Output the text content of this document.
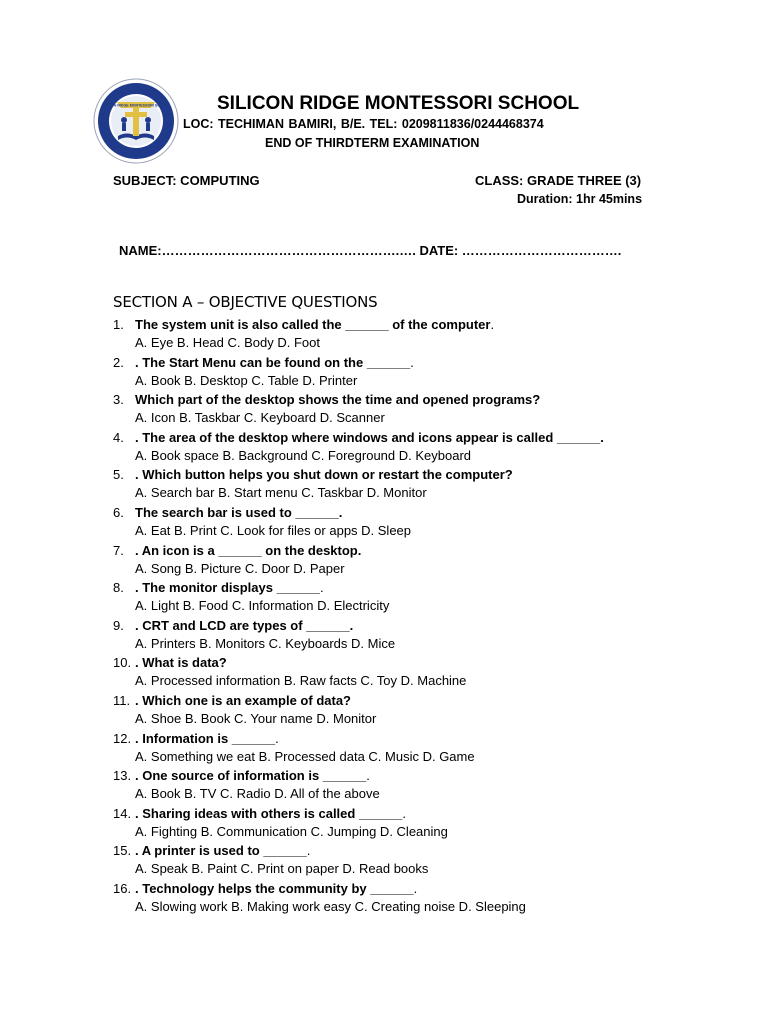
SILICON RIDGE MONTESSORI SCHOOL SILICON RIDGE MONTESSORI SCHOOL
LOC: TECHIMAN BAMIRI, B/E. TEL: 0209811836/0244468374
END OF THIRDTERM EXAMINATION
SUBJECT: COMPUTING	CLASS: GRADE THREE (3)
Duration: 1hr 45mins
NAME:……………………………………………….…. DATE: ……………………………….
SECTION A – OBJECTIVE QUESTIONS
1. The system unit is also called the ______ of the computer.
A. Eye B. Head C. Body D. Foot
2. . The Start Menu can be found on the ______.
A. Book B. Desktop C. Table D. Printer
3. Which part of the desktop shows the time and opened programs?
A. Icon B. Taskbar C. Keyboard D. Scanner
4. . The area of the desktop where windows and icons appear is called ______.
A. Book space B. Background C. Foreground D. Keyboard
5. . Which button helps you shut down or restart the computer?
A. Search bar B. Start menu C. Taskbar D. Monitor
6. The search bar is used to ______.
A. Eat B. Print C. Look for files or apps D. Sleep
7. . An icon is a ______ on the desktop.
A. Song B. Picture C. Door D. Paper
8. . The monitor displays ______.
A. Light B. Food C. Information D. Electricity
9. . CRT and LCD are types of ______.
A. Printers B. Monitors C. Keyboards D. Mice
10. . What is data?
A. Processed information B. Raw facts C. Toy D. Machine
11. . Which one is an example of data?
A. Shoe B. Book C. Your name D. Monitor
12. . Information is ______.
A. Something we eat B. Processed data C. Music D. Game
13. . One source of information is ______.
A. Book B. TV C. Radio D. All of the above
14. . Sharing ideas with others is called ______.
A. Fighting B. Communication C. Jumping D. Cleaning
15. . A printer is used to ______.
A. Speak B. Paint C. Print on paper D. Read books
16. . Technology helps the community by ______.
A. Slowing work B. Making work easy C. Creating noise D. Sleeping
